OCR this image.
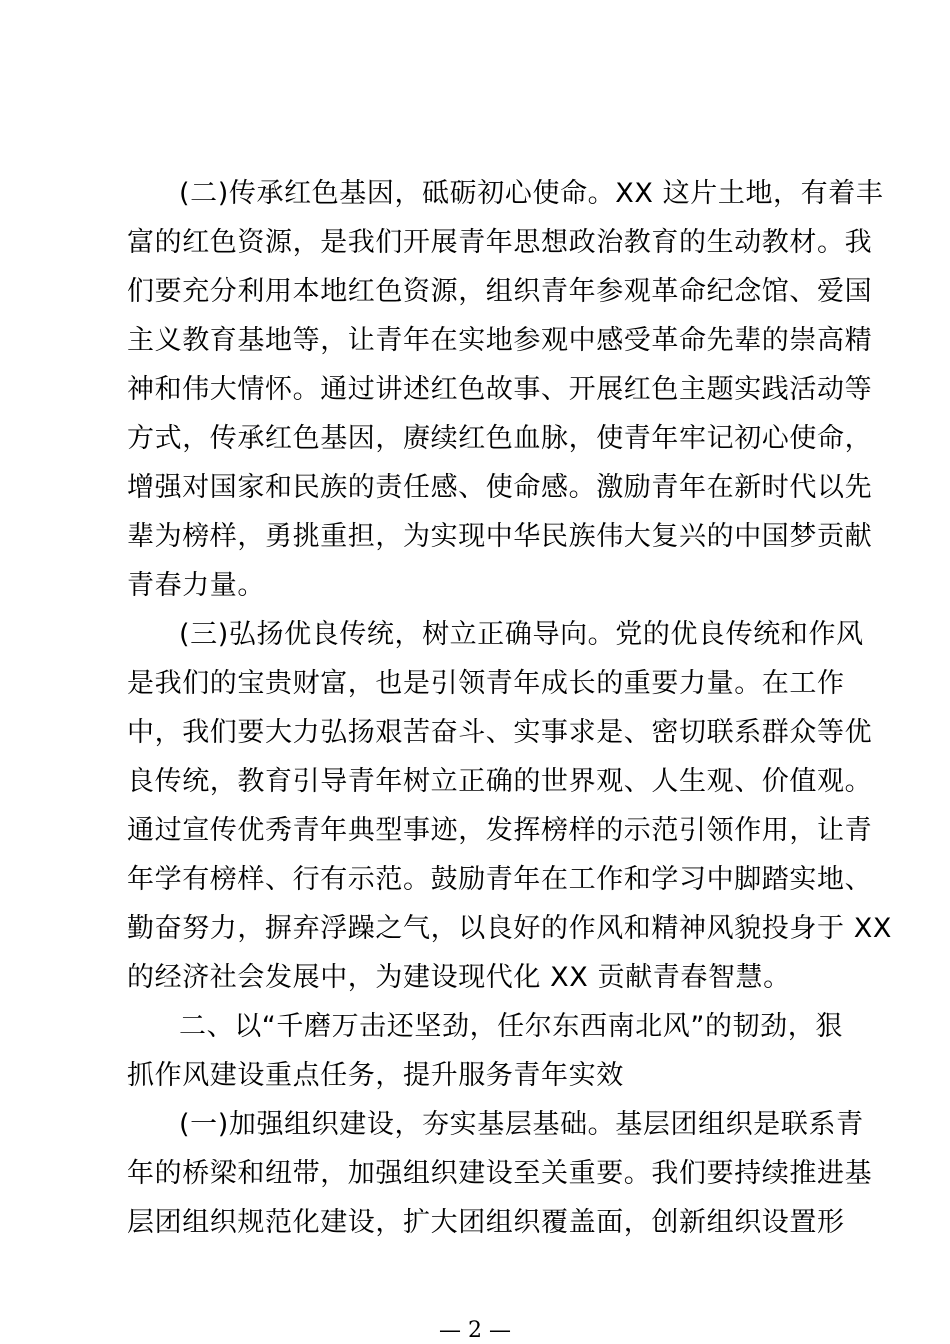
(二)传承红色基因，砥砺初心使命。XX 这片土地，有着丰
富的红色资源，是我们开展青年思想政治教育的生动教材。我
们要充分利用本地红色资源，组织青年参观革命纪念馆、爱国
主义教育基地等，让青年在实地参观中感受革命先辈的崇高精
神和伟大情怀。通过讲述红色故事、开展红色主题实践活动等
方式，传承红色基因，赓续红色血脉，使青年牢记初心使命，
增强对国家和民族的责任感、使命感。激励青年在新时代以先
辈为榜样，勇挑重担，为实现中华民族伟大复兴的中国梦贡献
青春力量。
(三)弘扬优良传统，树立正确导向。党的优良传统和作风
是我们的宝贵财富，也是引领青年成长的重要力量。在工作
中，我们要大力弘扬艰苦奋斗、实事求是、密切联系群众等优
良传统，教育引导青年树立正确的世界观、人生观、价值观。
通过宣传优秀青年典型事迹，发挥榜样的示范引领作用，让青
年学有榜样、行有示范。鼓励青年在工作和学习中脚踏实地、
勤奋努力，摒弃浮躁之气，以良好的作风和精神风貌投身于 XX
的经济社会发展中，为建设现代化 XX 贡献青春智慧。
二、以“千磨万击还坚劲，任尔东西南北风”的韧劲，狠
抓作风建设重点任务，提升服务青年实效
(一)加强组织建设，夯实基层基础。基层团组织是联系青
年的桥梁和纽带，加强组织建设至关重要。我们要持续推进基
层团组织规范化建设，扩大团组织覆盖面，创新组织设置形
— 2 —
